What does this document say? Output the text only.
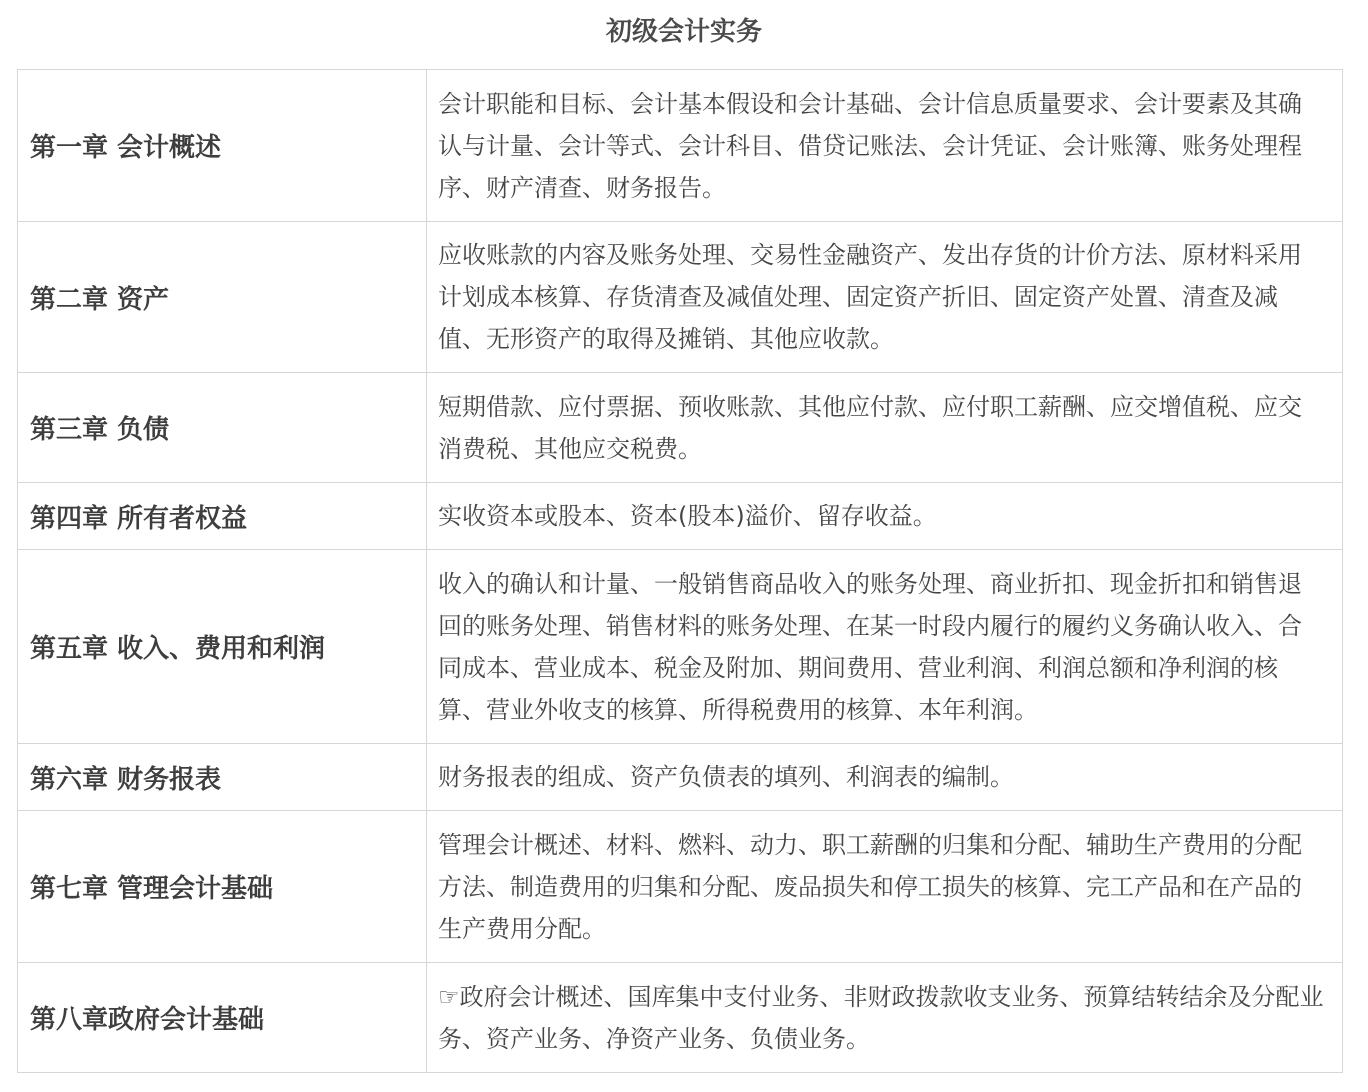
初级会计实务
第一章 会计概述	会计职能和目标、会计基本假设和会计基础、会计信息质量要求、会计要素及其确认与计量、会计等式、会计科目、借贷记账法、会计凭证、会计账簿、账务处理程序、财产清查、财务报告。
第二章 资产	应收账款的内容及账务处理、交易性金融资产、发出存货的计价方法、原材料采用计划成本核算、存货清查及减值处理、固定资产折旧、固定资产处置、清查及减值、无形资产的取得及摊销、其他应收款。
第三章 负债	短期借款、应付票据、预收账款、其他应付款、应付职工薪酬、应交增值税、应交消费税、其他应交税费。
第四章 所有者权益	实收资本或股本、资本(股本)溢价、留存收益。
第五章 收入、费用和利润	收入的确认和计量、一般销售商品收入的账务处理、商业折扣、现金折扣和销售退回的账务处理、销售材料的账务处理、在某一时段内履行的履约义务确认收入、合同成本、营业成本、税金及附加、期间费用、营业利润、利润总额和净利润的核算、营业外收支的核算、所得税费用的核算、本年利润。
第六章 财务报表	财务报表的组成、资产负债表的填列、利润表的编制。
第七章 管理会计基础	管理会计概述、材料、燃料、动力、职工薪酬的归集和分配、辅助生产费用的分配方法、制造费用的归集和分配、废品损失和停工损失的核算、完工产品和在产品的生产费用分配。
第八章政府会计基础	☞政府会计概述、国库集中支付业务、非财政拨款收支业务、预算结转结余及分配业务、资产业务、净资产业务、负债业务。
